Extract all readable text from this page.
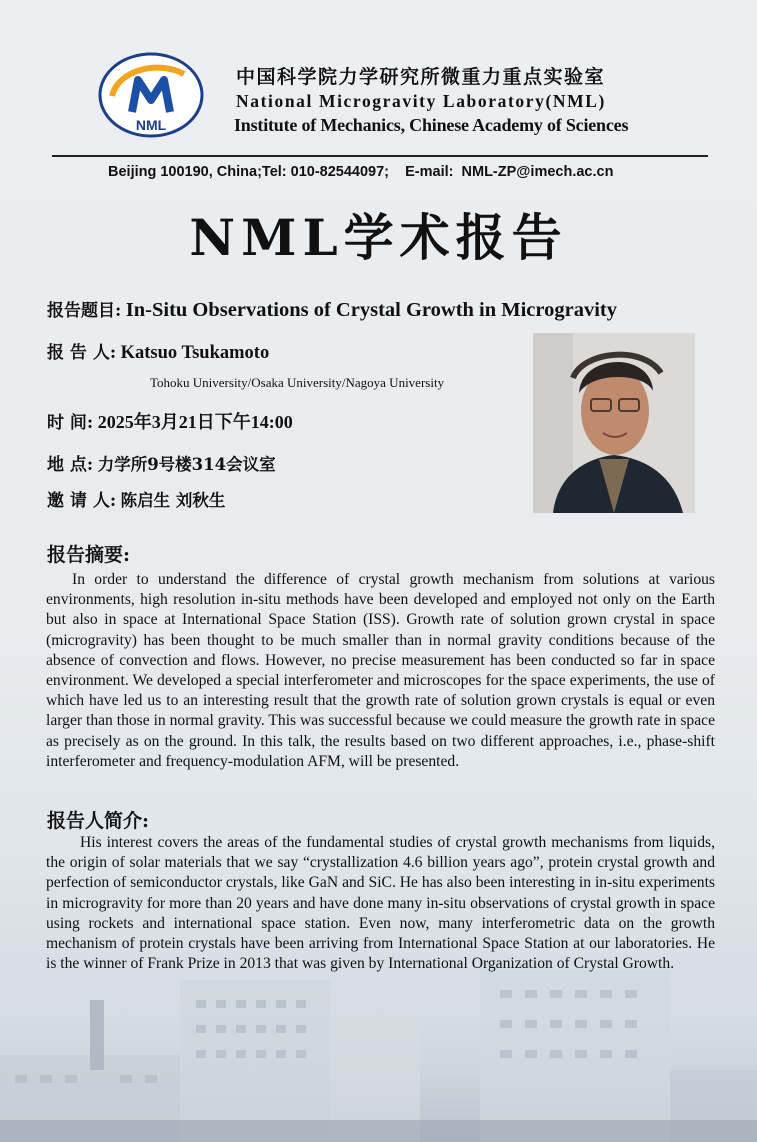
NML
中国科学院力学研究所微重力重点实验室
National Microgravity Laboratory(NML)
Institute of Mechanics, Chinese Academy of Sciences
Beijing 100190, China;Tel: 010-82544097;    E-mail:  NML-ZP@imech.ac.cn
NML学术报告
报告题目: In-Situ Observations of Crystal Growth in Microgravity
报 告 人: Katsuo Tsukamoto
Tohoku University/Osaka University/Nagoya University
时 间: 2025年3月21日下午14:00
地 点: 力学所9号楼314会议室
邀 请 人: 陈启生 刘秋生
报告摘要:
In order to understand the difference of crystal growth mechanism from solutions at various environments, high resolution in-situ methods have been developed and employed not only on the Earth but also in space at International Space Station (ISS). Growth rate of solution grown crystal in space (microgravity) has been thought to be much smaller than in normal gravity conditions because of the absence of convection and flows. However, no precise measurement has been conducted so far in space environment. We developed a special interferometer and microscopes for the space experiments, the use of which have led us to an interesting result that the growth rate of solution grown crystals is equal or even larger than those in normal gravity. This was successful because we could measure the growth rate in space as precisely as on the ground. In this talk, the results based on two different approaches, i.e., phase-shift interferometer and frequency-modulation AFM, will be presented.
报告人简介:
His interest covers the areas of the fundamental studies of crystal growth mechanisms from liquids, the origin of solar materials that we say “crystallization 4.6 billion years ago”, protein crystal growth and perfection of semiconductor crystals, like GaN and SiC. He has also been interesting in in-situ experiments in microgravity for more than 20 years and have done many in-situ observations of crystal growth in space using rockets and international space station. Even now, many interferometric data on the growth mechanism of protein crystals have been arriving from International Space Station at our laboratories. He is the winner of Frank Prize in 2013 that was given by International Organization of Crystal Growth.
